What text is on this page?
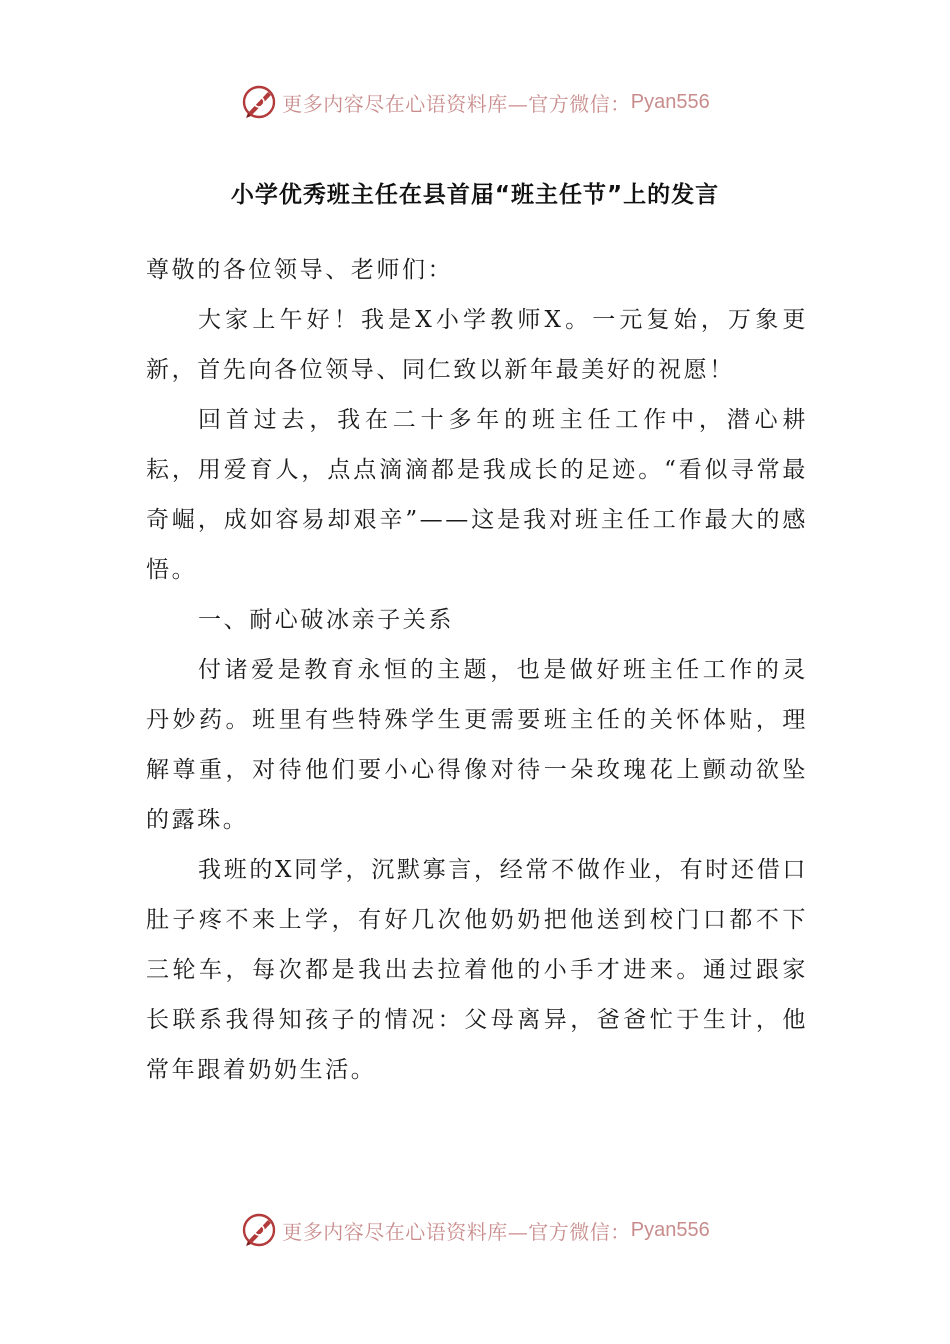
更多内容尽在心语资料库—官方微信： Pyan556
小学优秀班主任在县首届“班主任节”上的发言

尊敬的各位领导、老师们：

大家上午好！我是X小学教师X。一元复始，万象更新，首先向各位领导、同仁致以新年最美好的祝愿！

回首过去，我在二十多年的班主任工作中，潜心耕耘，用爱育人，点点滴滴都是我成长的足迹。“看似寻常最奇崛，成如容易却艰辛”——这是我对班主任工作最大的感悟。

一、耐心破冰亲子关系

付诸爱是教育永恒的主题，也是做好班主任工作的灵丹妙药。班里有些特殊学生更需要班主任的关怀体贴，理解尊重，对待他们要小心得像对待一朵玫瑰花上颤动欲坠的露珠。

我班的X同学，沉默寡言，经常不做作业，有时还借口肚子疼不来上学，有好几次他奶奶把他送到校门口都不下三轮车，每次都是我出去拉着他的小手才进来。通过跟家长联系我得知孩子的情况：父母离异，爸爸忙于生计，他常年跟着奶奶生活。

更多内容尽在心语资料库—官方微信： Pyan556
